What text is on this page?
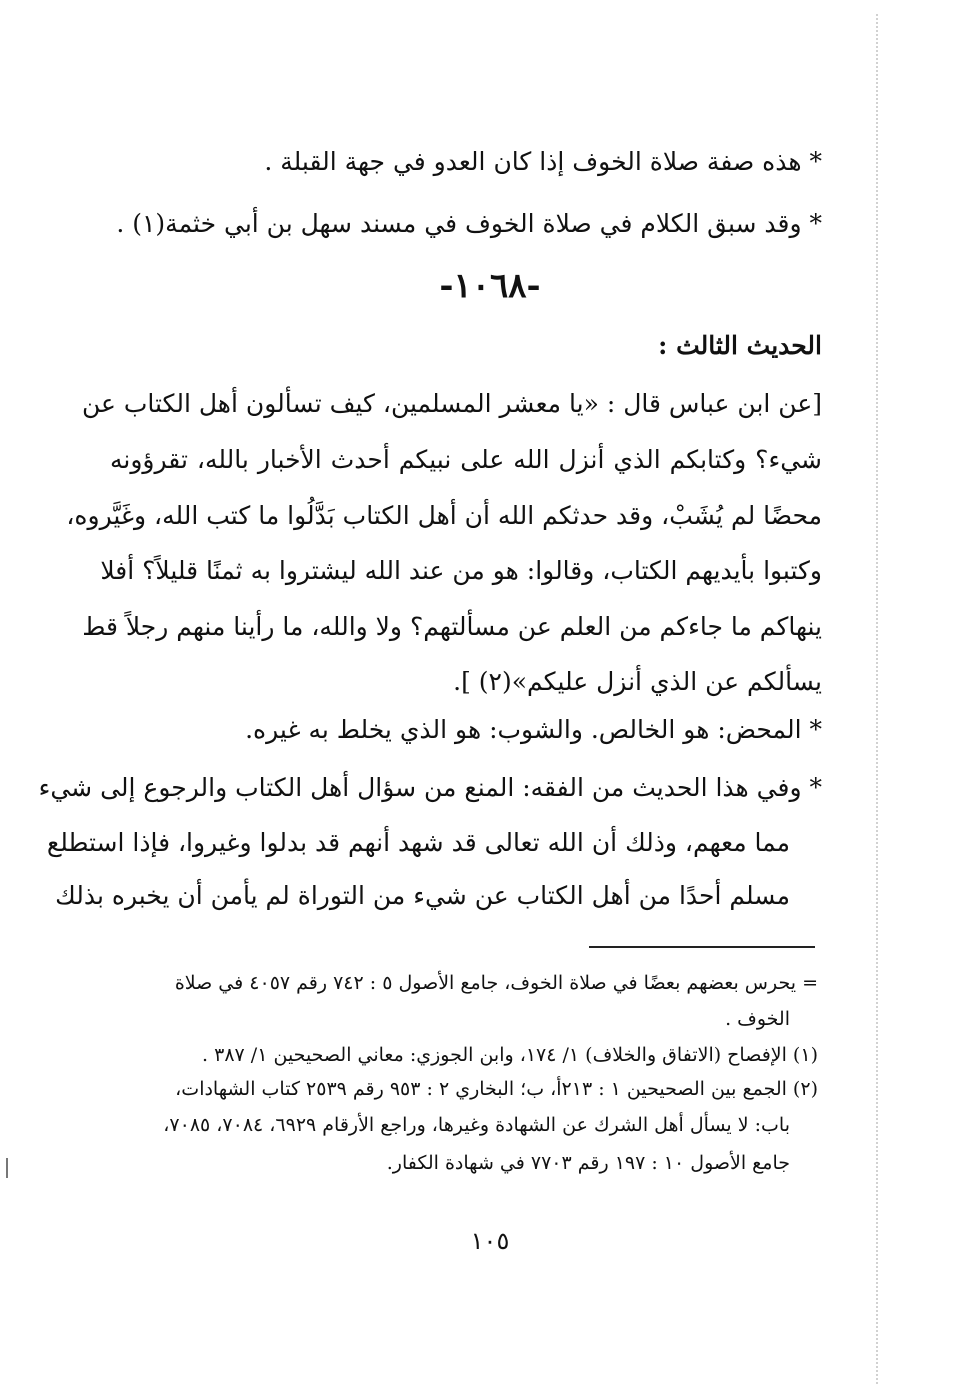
* هذه صفة صلاة الخوف إذا كان العدو في جهة القبلة .
* وقد سبق الكلام في صلاة الخوف في مسند سهل بن أبي خثمة(١) .
-١٠٦٨-
الحديث الثالث :
[عن ابن عباس قال : «يا معشر المسلمين، كيف تسألون أهل الكتاب عن
شيء؟ وكتابكم الذي أنزل الله على نبيكم أحدث الأخبار بالله، تقرؤونه
محضًا لم يُشَبْ، وقد حدثكم الله أن أهل الكتاب بَدَّلُوا ما كتب الله، وغَيَّروه،
وكتبوا بأيديهم الكتاب، وقالوا: هو من عند الله ليشتروا به ثمنًا قليلاً؟ أفلا
ينهاكم ما جاءكم من العلم عن مسألتهم؟ ولا والله، ما رأينا منهم رجلاً قط
يسألكم عن الذي أنزل عليكم»(٢) ].
* المحض: هو الخالص. والشوب: هو الذي يخلط به غيره.
* وفي هذا الحديث من الفقه: المنع من سؤال أهل الكتاب والرجوع إلى شيء
مما معهم، وذلك أن الله تعالى قد شهد أنهم قد بدلوا وغيروا، فإذا استطلع
مسلم أحدًا من أهل الكتاب عن شيء من التوراة لم يأمن أن يخبره بذلك
= يحرس بعضهم بعضًا في صلاة الخوف، جامع الأصول ٥ : ٧٤٢ رقم ٤٠٥٧ في صلاة
الخوف .
(١) الإفصاح (الاتفاق والخلاف) ١/ ١٧٤، وابن الجوزي: معاني الصحيحين ١/ ٣٨٧ .
(٢) الجمع بين الصحيحين ١ : ٢١٣أ، ب؛ البخاري ٢ : ٩٥٣ رقم ٢٥٣٩ كتاب الشهادات،
باب: لا يسأل أهل الشرك عن الشهادة وغيرها، وراجع الأرقام ٦٩٢٩، ٧٠٨٤، ٧٠٨٥،
جامع الأصول ١٠ : ١٩٧ رقم ٧٧٠٣ في شهادة الكفار.
١٠٥
